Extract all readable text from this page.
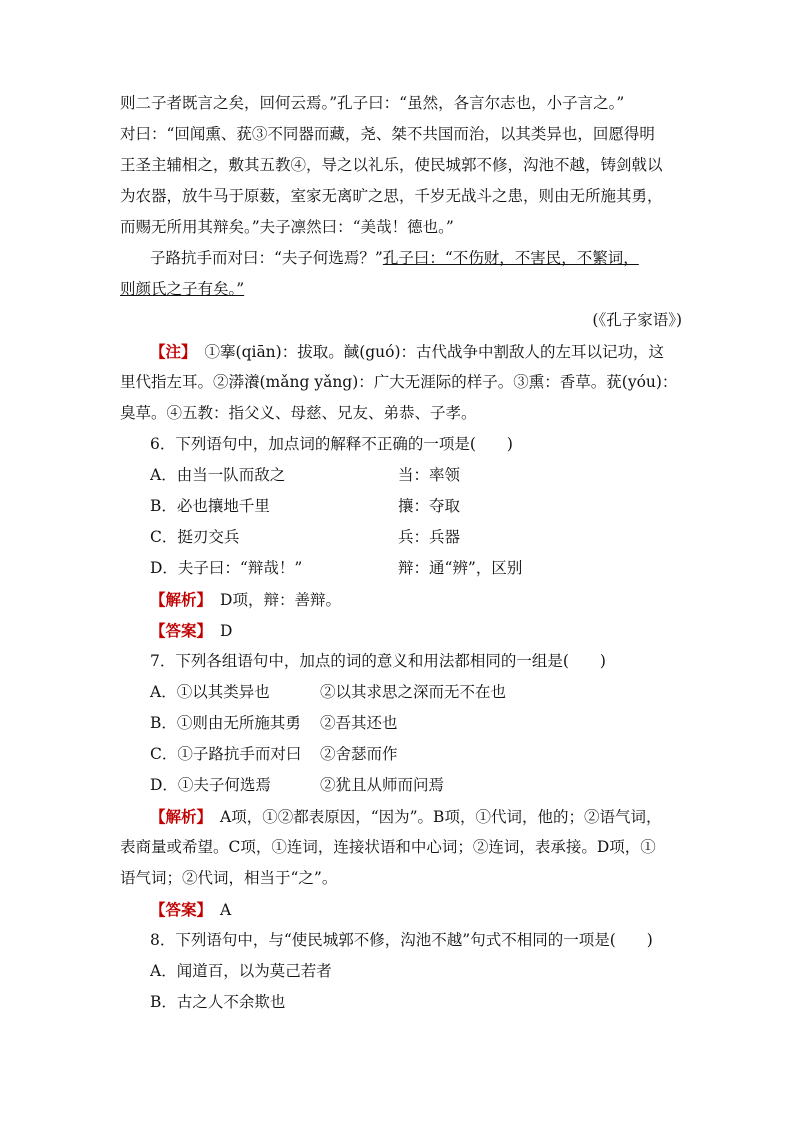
则二子者既言之矣，回何云焉。”孔子曰：“虽然，各言尔志也，小子言之。”
对曰：“回闻熏、莸③不同器而藏，尧、桀不共国而治，以其类异也，回愿得明
王圣主辅相之，敷其五教④，导之以礼乐，使民城郭不修，沟池不越，铸剑戟以
为农器，放牛马于原薮，室家无离旷之思，千岁无战斗之患，则由无所施其勇，
而赐无所用其辩矣。”夫子凛然曰：“美哉！德也。”
子路抗手而对曰：“夫子何选焉？”孔子曰：“不伤财，不害民，不繁词，
则颜氏之子有矣。”
(《孔子家语》)
【注】 ①搴(qiān)：拔取。馘(guó)：古代战争中割敌人的左耳以记功，这
里代指左耳。②漭瀁(mǎng yǎng)：广大无涯际的样子。③熏：香草。莸(yóu)：
臭草。④五教：指父义、母慈、兄友、弟恭、子孝。
6．下列语句中，加点词的解释不正确的一项是(　　)
A．由当一队而敌之	当：率领
B．必也攘地千里	攘：夺取
C．挺刃交兵	兵：兵器
D．夫子曰：“辩哉！”	辩：通“辨”，区别
【解析】 D项，辩：善辩。
【答案】 D
7．下列各组语句中，加点的词的意义和用法都相同的一组是(　　)
A．①以其类异也	②以其求思之深而无不在也
B．①则由无所施其勇	②吾其还也
C．①子路抗手而对曰	②舍瑟而作
D．①夫子何选焉	②犹且从师而问焉
【解析】 A项，①②都表原因，“因为”。B项，①代词，他的；②语气词，
表商量或希望。C项，①连词，连接状语和中心词；②连词，表承接。D项，①
语气词；②代词，相当于“之”。
【答案】 A
8．下列语句中，与“使民城郭不修，沟池不越”句式不相同的一项是(　　)
A．闻道百，以为莫己若者
B．古之人不余欺也
